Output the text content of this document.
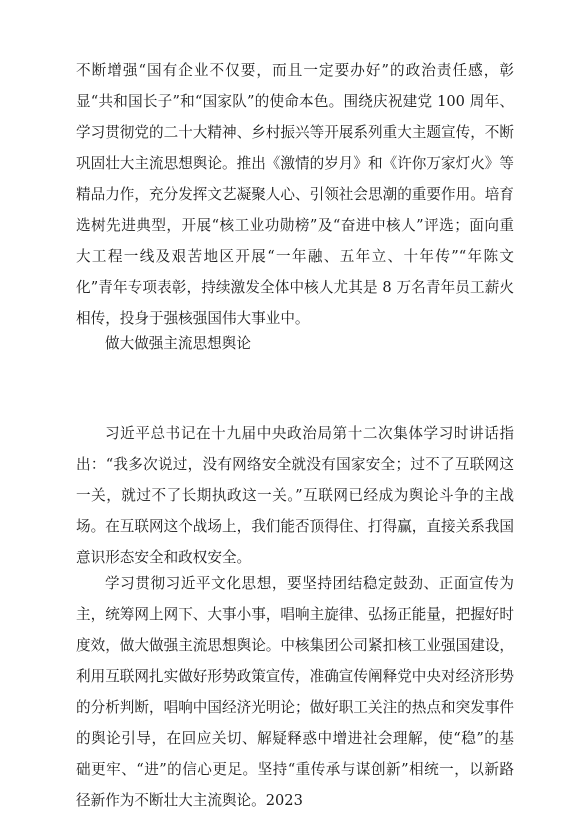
不断增强“国有企业不仅要，而且一定要办好”的政治责任感，彰显“共和国长子”和“国家队”的使命本色。围绕庆祝建党 100 周年、学习贯彻党的二十大精神、乡村振兴等开展系列重大主题宣传，不断巩固壮大主流思想舆论。推出《激情的岁月》和《许你万家灯火》等精品力作，充分发挥文艺凝聚人心、引领社会思潮的重要作用。培育选树先进典型，开展“核工业功勋榜”及“奋进中核人”评选；面向重大工程一线及艰苦地区开展“一年融、五年立、十年传”“年陈文化”青年专项表彰，持续激发全体中核人尤其是 8 万名青年员工薪火相传，投身于强核强国伟大事业中。

做大做强主流思想舆论

习近平总书记在十九届中央政治局第十二次集体学习时讲话指出：“我多次说过，没有网络安全就没有国家安全；过不了互联网这一关，就过不了长期执政这一关。”互联网已经成为舆论斗争的主战场。在互联网这个战场上，我们能否顶得住、打得赢，直接关系我国意识形态安全和政权安全。

学习贯彻习近平文化思想，要坚持团结稳定鼓劲、正面宣传为主，统筹网上网下、大事小事，唱响主旋律、弘扬正能量，把握好时度效，做大做强主流思想舆论。中核集团公司紧扣核工业强国建设，利用互联网扎实做好形势政策宣传，准确宣传阐释党中央对经济形势的分析判断，唱响中国经济光明论；做好职工关注的热点和突发事件的舆论引导，在回应关切、解疑释惑中增进社会理解，使“稳”的基础更牢、“进”的信心更足。坚持“重传承与谋创新”相统一，以新路径新作为不断壮大主流舆论。2023
